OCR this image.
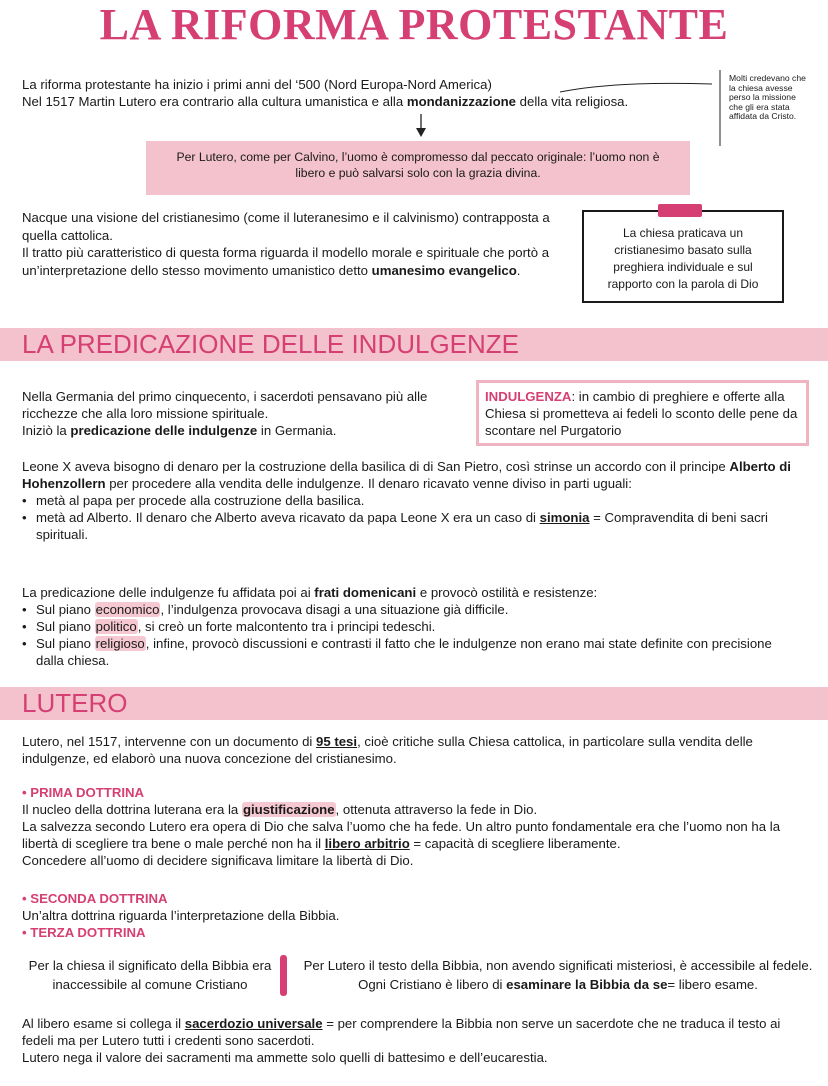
LA RIFORMA PROTESTANTE

La riforma protestante ha inizio i primi anni del ‘500 (Nord Europa-Nord America)

Nel 1517 Martin Lutero era contrario alla cultura umanistica e alla mondanizzazione della vita religiosa.

Molti credevano che la chiesa avesse perso la missione che gli era stata affidata da Cristo.
Per Lutero, come per Calvino, l’uomo è compromesso dal peccato originale: l’uomo non è libero e può salvarsi solo con la grazia divina.

Nacque una visione del cristianesimo (come il luteranesimo e il calvinismo) contrapposta a quella cattolica.

Il tratto più caratteristico di questa forma riguarda il modello morale e spirituale che portò a un’interpretazione dello stesso movimento umanistico detto umanesimo evangelico.

La chiesa praticava un cristianesimo basato sulla preghiera individuale e sul rapporto con la parola di Dio
LA PREDICAZIONE DELLE INDULGENZE

Nella Germania del primo cinquecento, i sacerdoti pensavano più alle ricchezze che alla loro missione spirituale.

Iniziò la predicazione delle indulgenze in Germania.

INDULGENZA: in cambio di preghiere e offerte alla Chiesa si prometteva ai fedeli lo sconto delle pene da scontare nel Purgatorio

Leone X aveva bisogno di denaro per la costruzione della basilica di di San Pietro, così strinse un accordo con il principe Alberto di Hohenzollern per procedere alla vendita delle indulgenze. Il denaro ricavato venne diviso in parti uguali:

• metà al papa per procede alla costruzione della basilica.
• metà ad Alberto. Il denaro che Alberto aveva ricavato da papa Leone X era un caso di simonia = Compravendita di beni sacri spirituali.

La predicazione delle indulgenze fu affidata poi ai frati domenicani e provocò ostilità e resistenze:

• Sul piano economico, l’indulgenza provocava disagi a una situazione già difficile.
• Sul piano politico, si creò un forte malcontento tra i principi tedeschi.
• Sul piano religioso, infine, provocò discussioni e contrasti il fatto che le indulgenze non erano mai state definite con precisione dalla chiesa.
LUTERO

Lutero, nel 1517, intervenne con un documento di 95 tesi, cioè critiche sulla Chiesa cattolica, in particolare sulla vendita delle indulgenze, ed elaborò una nuova concezione del cristianesimo.

• PRIMA DOTTRINA

Il nucleo della dottrina luterana era la giustificazione, ottenuta attraverso la fede in Dio.

La salvezza secondo Lutero era opera di Dio che salva l’uomo che ha fede. Un altro punto fondamentale era che l’uomo non ha la libertà di scegliere tra bene o male perché non ha il libero arbitrio = capacità di scegliere liberamente.

Concedere all’uomo di decidere significava limitare la libertà di Dio.

• SECONDA DOTTRINA

Un’altra dottrina riguarda l’interpretazione della Bibbia.

• TERZA DOTTRINA

Per la chiesa il significato della Bibbia era inaccessibile al comune Cristiano
Per Lutero il testo della Bibbia, non avendo significati misteriosi, è accessibile al fedele. Ogni Cristiano è libero di esaminare la Bibbia da se= libero esame.

Al libero esame si collega il sacerdozio universale = per comprendere la Bibbia non serve un sacerdote che ne traduca il testo ai fedeli ma per Lutero tutti i credenti sono sacerdoti.

Lutero nega il valore dei sacramenti ma ammette solo quelli di battesimo e dell’eucarestia.
